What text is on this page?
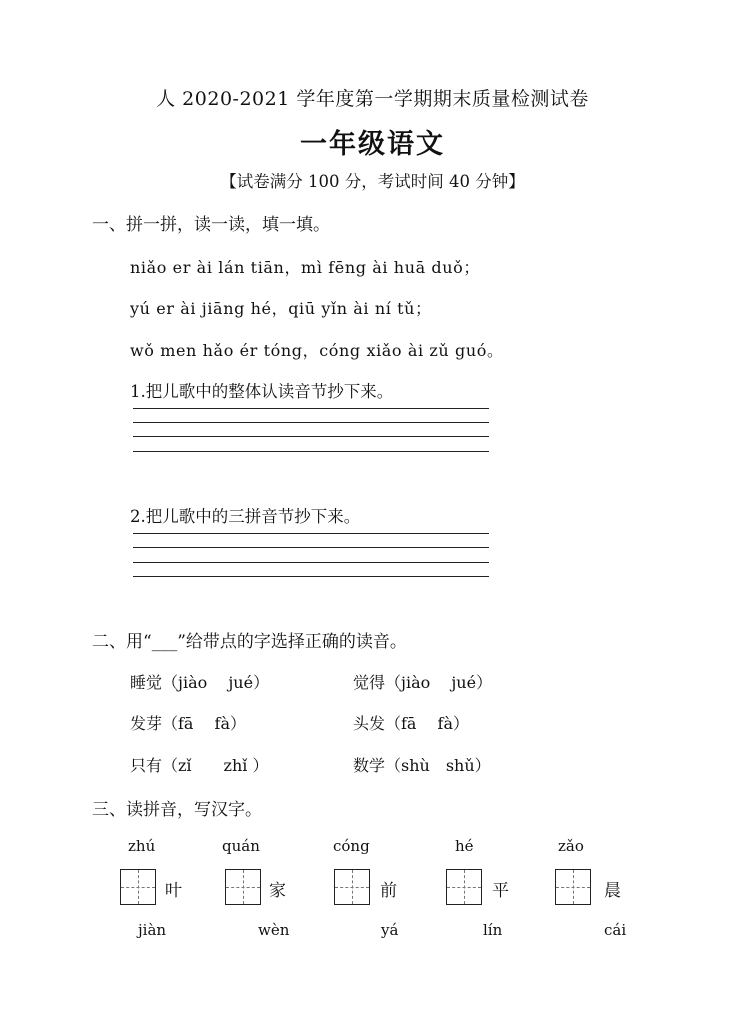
人 2020-2021 学年度第一学期期末质量检测试卷
一年级语文
【试卷满分 100 分，考试时间 40 分钟】
一、拼一拼，读一读，填一填。
niǎo er ài lán tiān，mì fēng ài huā duǒ；
yú er ài jiāng hé，qiū yǐn ài ní tǔ；
wǒ men hǎo ér tóng，cóng xiǎo ài zǔ guó。
1.把儿歌中的整体认读音节抄下来。
2.把儿歌中的三拼音节抄下来。
二、用“___”给带点的字选择正确的读音。
睡觉（jiào　 jué）	觉得（jiào　 jué）
发芽（fā　 fà）	头发（fā　 fà）
只有（zǐ　　zhǐ ）	数学（shù　shǔ）
三、读拼音，写汉字。
zhú	quán	cóng	hé	zǎo
叶	家	前	平	晨
jiàn	wèn	yá	lín	cái
